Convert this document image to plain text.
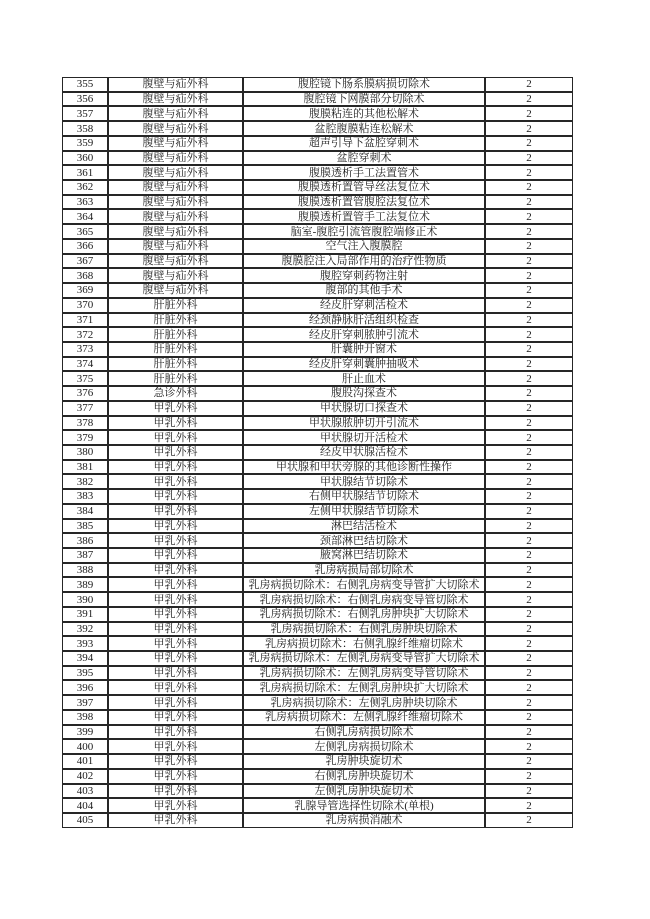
355	腹壁与疝外科	腹腔镜下肠系膜病损切除术	2
356	腹壁与疝外科	腹腔镜下网膜部分切除术	2
357	腹壁与疝外科	腹膜粘连的其他松解术	2
358	腹壁与疝外科	盆腔腹膜粘连松解术	2
359	腹壁与疝外科	超声引导下盆腔穿刺术	2
360	腹壁与疝外科	盆腔穿刺术	2
361	腹壁与疝外科	腹膜透析手工法置管术	2
362	腹壁与疝外科	腹膜透析置管导丝法复位术	2
363	腹壁与疝外科	腹膜透析置管腹腔法复位术	2
364	腹壁与疝外科	腹膜透析置管手工法复位术	2
365	腹壁与疝外科	脑室-腹腔引流管腹腔端修正术	2
366	腹壁与疝外科	空气注入腹膜腔	2
367	腹壁与疝外科	腹膜腔注入局部作用的治疗性物质	2
368	腹壁与疝外科	腹腔穿刺药物注射	2
369	腹壁与疝外科	腹部的其他手术	2
370	肝脏外科	经皮肝穿刺活检术	2
371	肝脏外科	经颈静脉肝活组织检查	2
372	肝脏外科	经皮肝穿刺脓肿引流术	2
373	肝脏外科	肝囊肿开窗术	2
374	肝脏外科	经皮肝穿刺囊肿抽吸术	2
375	肝脏外科	肝止血术	2
376	急诊外科	腹股沟探查术	2
377	甲乳外科	甲状腺切口探查术	2
378	甲乳外科	甲状腺脓肿切开引流术	2
379	甲乳外科	甲状腺切开活检术	2
380	甲乳外科	经皮甲状腺活检术	2
381	甲乳外科	甲状腺和甲状旁腺的其他诊断性操作	2
382	甲乳外科	甲状腺结节切除术	2
383	甲乳外科	右侧甲状腺结节切除术	2
384	甲乳外科	左侧甲状腺结节切除术	2
385	甲乳外科	淋巴结活检术	2
386	甲乳外科	颈部淋巴结切除术	2
387	甲乳外科	腋窝淋巴结切除术	2
388	甲乳外科	乳房病损局部切除术	2
389	甲乳外科	乳房病损切除术：右侧乳房病变导管扩大切除术	2
390	甲乳外科	乳房病损切除术：右侧乳房病变导管切除术	2
391	甲乳外科	乳房病损切除术：右侧乳房肿块扩大切除术	2
392	甲乳外科	乳房病损切除术：右侧乳房肿块切除术	2
393	甲乳外科	乳房病损切除术：右侧乳腺纤维瘤切除术	2
394	甲乳外科	乳房病损切除术：左侧乳房病变导管扩大切除术	2
395	甲乳外科	乳房病损切除术：左侧乳房病变导管切除术	2
396	甲乳外科	乳房病损切除术：左侧乳房肿块扩大切除术	2
397	甲乳外科	乳房病损切除术：左侧乳房肿块切除术	2
398	甲乳外科	乳房病损切除术：左侧乳腺纤维瘤切除术	2
399	甲乳外科	右侧乳房病损切除术	2
400	甲乳外科	左侧乳房病损切除术	2
401	甲乳外科	乳房肿块旋切术	2
402	甲乳外科	右侧乳房肿块旋切术	2
403	甲乳外科	左侧乳房肿块旋切术	2
404	甲乳外科	乳腺导管选择性切除术(单根)	2
405	甲乳外科	乳房病损消融术	2
